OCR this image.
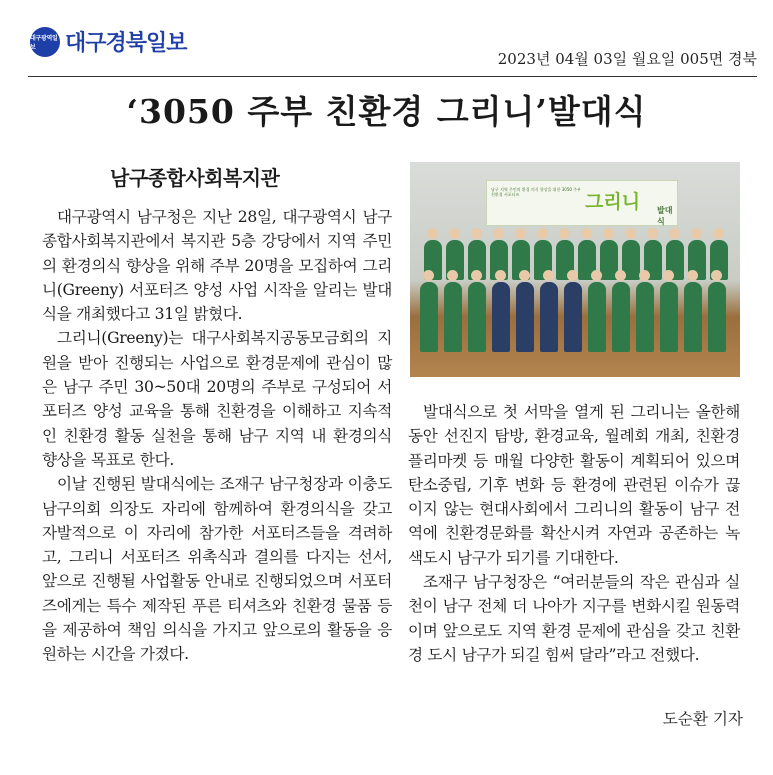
대구광역일보	대구경북일보
2023년 04월 03일 월요일 005면 경북
‘3050 주부 친환경 그리니’발대식
남구종합사회복지관

대구광역시 남구청은 지난 28일, 대구광역시 남구종합사회복지관에서 복지관 5층 강당에서 지역 주민의 환경의식 향상을 위해 주부 20명을 모집하여 그리니(Greeny) 서포터즈 양성 사업 시작을 알리는 발대식을 개최했다고 31일 밝혔다.

그리니(Greeny)는 대구사회복지공동모금회의 지원을 받아 진행되는 사업으로 환경문제에 관심이 많은 남구 주민 30~50대 20명의 주부로 구성되어 서포터즈 양성 교육을 통해 친환경을 이해하고 지속적인 친환경 활동 실천을 통해 남구 지역 내 환경의식 향상을 목표로 한다.

이날 진행된 발대식에는 조재구 남구청장과 이충도 남구의회 의장도 자리에 함께하여 환경의식을 갖고 자발적으로 이 자리에 참가한 서포터즈들을 격려하고, 그리니 서포터즈 위촉식과 결의를 다지는 선서, 앞으로 진행될 사업활동 안내로 진행되었으며 서포터즈에게는 특수 제작된 푸른 티셔츠와 친환경 물품 등을 제공하여 책임 의식을 가지고 앞으로의 활동을 응원하는 시간을 가졌다.

남구 지역 주민의 환경 의식 향상을 위한 3050 주부 친환경 서포터즈	그리니 발대식

발대식으로 첫 서막을 열게 된 그리니는 올한해동안 선진지 탐방, 환경교육, 월례회 개최, 친환경 플리마켓 등 매월 다양한 활동이 계획되어 있으며 탄소중립, 기후 변화 등 환경에 관련된 이슈가 끊이지 않는 현대사회에서 그리니의 활동이 남구 전역에 친환경문화를 확산시켜 자연과 공존하는 녹색도시 남구가 되기를 기대한다.

조재구 남구청장은 “여러분들의 작은 관심과 실천이 남구 전체 더 나아가 지구를 변화시킬 원동력이며 앞으로도 지역 환경 문제에 관심을 갖고 친환경 도시 남구가 되길 힘써 달라”라고 전했다.

도순환 기자
